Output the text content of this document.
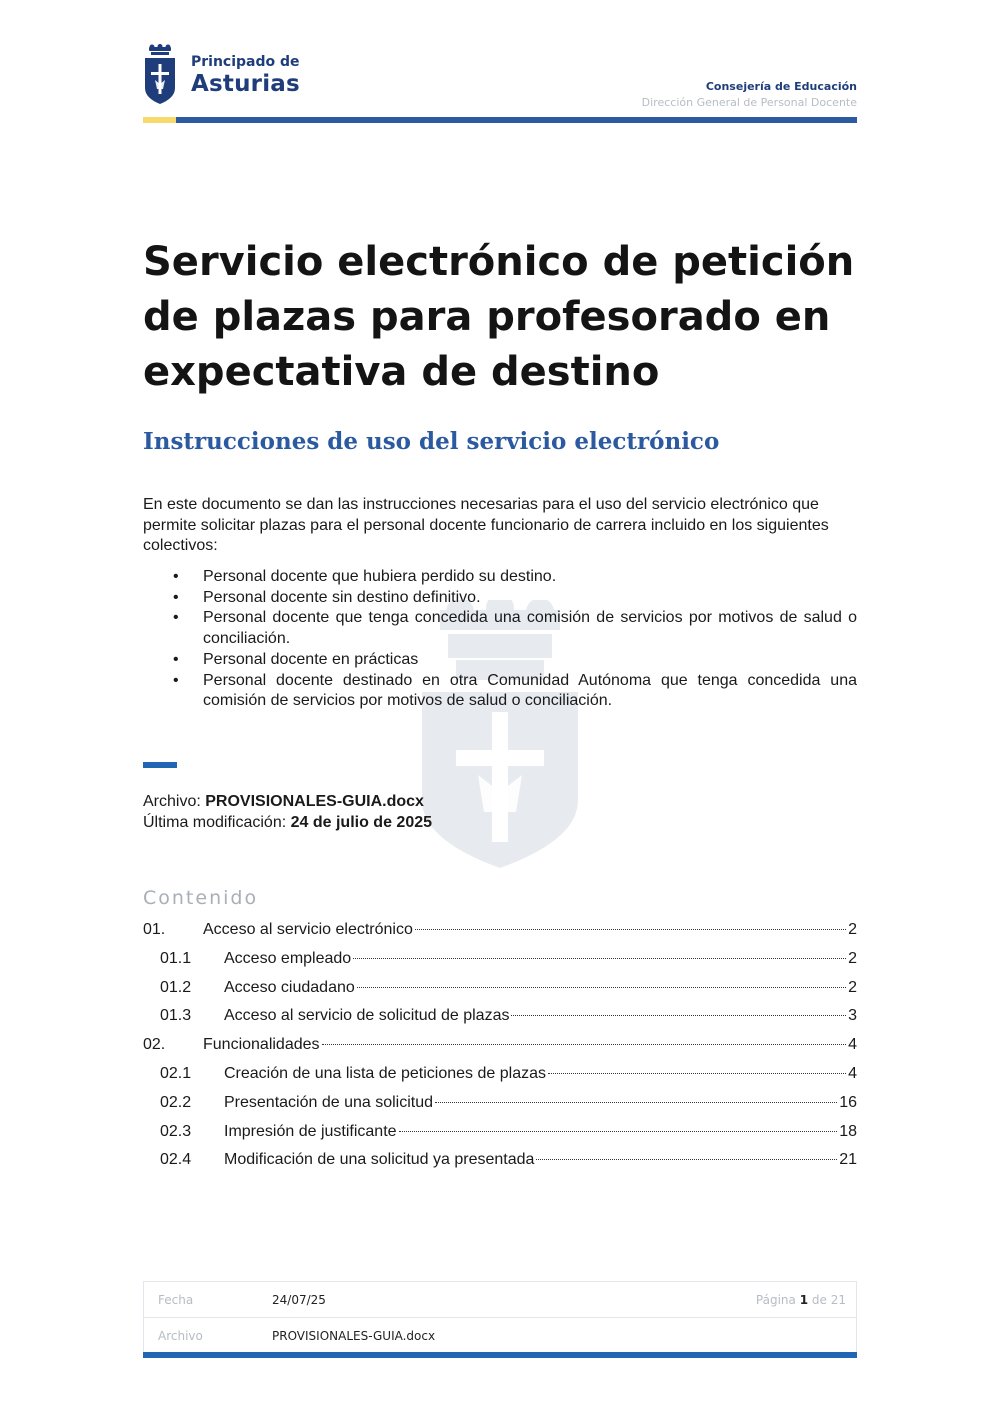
Principado de
Asturias	Consejería de Educación
Dirección General de Personal Docente
Servicio electrónico de petición de plazas para profesorado en expectativa de destino
Instrucciones de uso del servicio electrónico

En este documento se dan las instrucciones necesarias para el uso del servicio electrónico que permite solicitar plazas para el personal docente funcionario de carrera incluido en los siguientes colectivos:

• Personal docente que hubiera perdido su destino.
• Personal docente sin destino definitivo.
• Personal docente que tenga concedida una comisión de servicios por motivos de salud o conciliación.
• Personal docente en prácticas
• Personal docente destinado en otra Comunidad Autónoma que tenga concedida una comisión de servicios por motivos de salud o conciliación.
Archivo: PROVISIONALES-GUIA.docx
Última modificación: 24 de julio de 2025
Contenido
01.	Acceso al servicio electrónico	2
01.1	Acceso empleado	2
01.2	Acceso ciudadano	2
01.3	Acceso al servicio de solicitud de plazas	3
02.	Funcionalidades	4
02.1	Creación de una lista de peticiones de plazas	4
02.2	Presentación de una solicitud	16
02.3	Impresión de justificante	18
02.4	Modificación de una solicitud ya presentada	21
Fecha	24/07/25	Página 1 de 21
Archivo	PROVISIONALES-GUIA.docx
